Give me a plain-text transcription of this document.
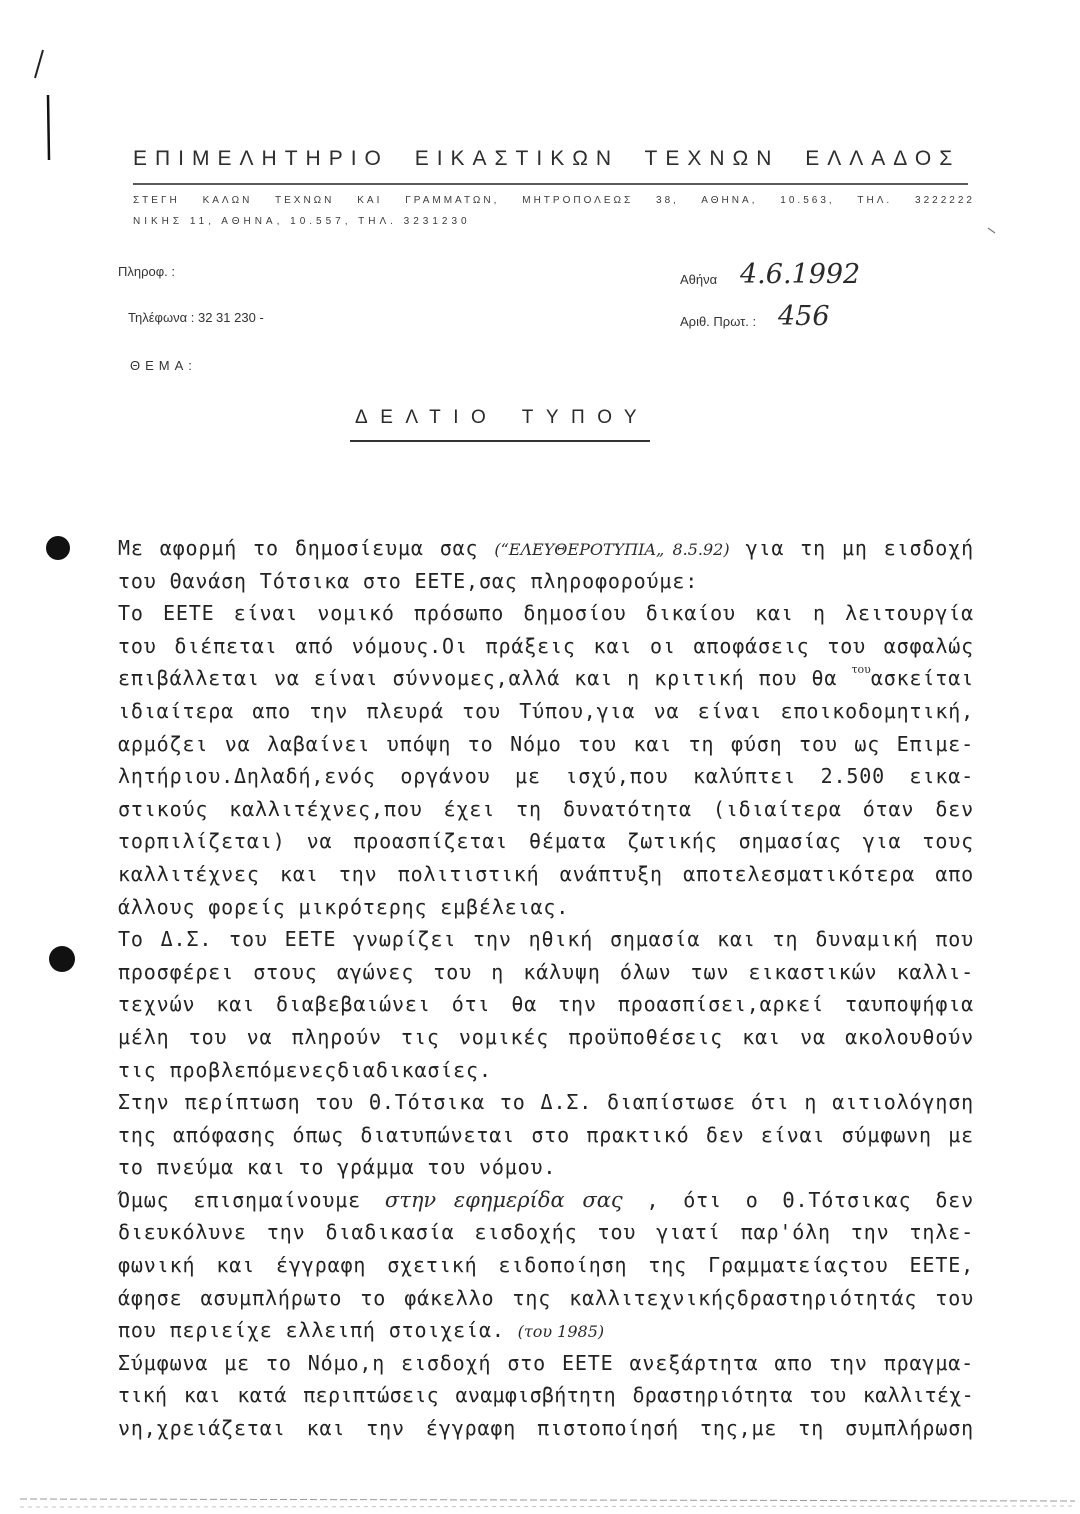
ΕΠΙΜΕΛΗΤΗΡΙΟ ΕΙΚΑΣΤΙΚΩΝ ΤΕΧΝΩΝ ΕΛΛΑΔΟΣ
ΣΤΕΓΗ ΚΑΛΩΝ ΤΕΧΝΩΝ ΚΑΙ ΓΡΑΜΜΑΤΩΝ, ΜΗΤΡΟΠΟΛΕΩΣ 38, ΑΘΗΝΑ, 10.563, ΤΗΛ. 3222222
ΝΙΚΗΣ 11, ΑΘΗΝΑ, 10.557, ΤΗΛ. 3231230
Πληροφ. :
Τηλέφωνα : 32 31 230 -
ΘΕΜΑ:
Αθήνα 4.6.1992
Αριθ. Πρωτ. : 456
ΔΕΛΤΙΟ ΤΥΠΟΥ
Με αφορμή το δημοσίευμα σας (“ΕΛΕΥΘΕΡΟΤΥΠΙΑ„ 8.5.92) για τη μη εισδοχή
του Θανάση Τότσικα στο ΕΕΤΕ,σας πληροφορούμε:
Το ΕΕΤΕ είναι νομικό πρόσωπο δημοσίου δικαίου και η λειτουργία
του διέπεται από νόμους.Οι πράξεις και οι αποφάσεις του ασφαλώς
επιβάλλεται να είναι σύννομες,αλλά και η κριτική που θα $^{\tau o\upsilon}$ασκείται
ιδιαίτερα απο την πλευρά του Τύπου,για να είναι εποικοδομητική,
αρμόζει να λαβαίνει υπόψη το Νόμο του και τη φύση του ως Επιμε-
λητήριου.Δηλαδή,ενός οργάνου με ισχύ,που καλύπτει 2.500 εικα-
στικούς καλλιτέχνες,που έχει τη δυνατότητα (ιδιαίτερα όταν δεν
τορπιλίζεται) να προασπίζεται θέματα ζωτικής σημασίας για τους
καλλιτέχνες και την πολιτιστική ανάπτυξη αποτελεσματικότερα απο
άλλους φορείς μικρότερης εμβέλειας.
Το Δ.Σ. του ΕΕΤΕ γνωρίζει την ηθική σημασία και τη δυναμική που
προσφέρει στους αγώνες του η κάλυψη όλων των εικαστικών καλλι-
τεχνών και διαβεβαιώνει ότι θα την προασπίσει,αρκεί ταυποψήφια
μέλη του να πληρούν τις νομικές προϋποθέσεις και να ακολουθούν
τις προβλεπόμενεςδιαδικασίες.
Στην περίπτωση του Θ.Τότσικα το Δ.Σ. διαπίστωσε ότι η αιτιολόγηση
της απόφασης όπως διατυπώνεται στο πρακτικό δεν είναι σύμφωνη με
το πνεύμα και το γράμμα του νόμου.
Όμως επισημαίνουμε στην εφημερίδα σας , ότι ο Θ.Τότσικας δεν
διευκόλυνε την διαδικασία εισδοχής του γιατί παρ'όλη την τηλε-
φωνική και έγγραφη σχετική ειδοποίηση της Γραμματείαςτου ΕΕΤΕ,
άφησε ασυμπλήρωτο το φάκελλο της καλλιτεχνικήςδραστηριότητάς του
που περιείχε ελλειπή στοιχεία. (του 1985)
Σύμφωνα με το Νόμο,η εισδοχή στο ΕΕΤΕ ανεξάρτητα απο την πραγμα-
τική και κατά περιπτώσεις αναμφισβήτητη δραστηριότητα του καλλιτέχ-
νη,χρειάζεται και την έγγραφη πιστοποίησή της,με τη συμπλήρωση
